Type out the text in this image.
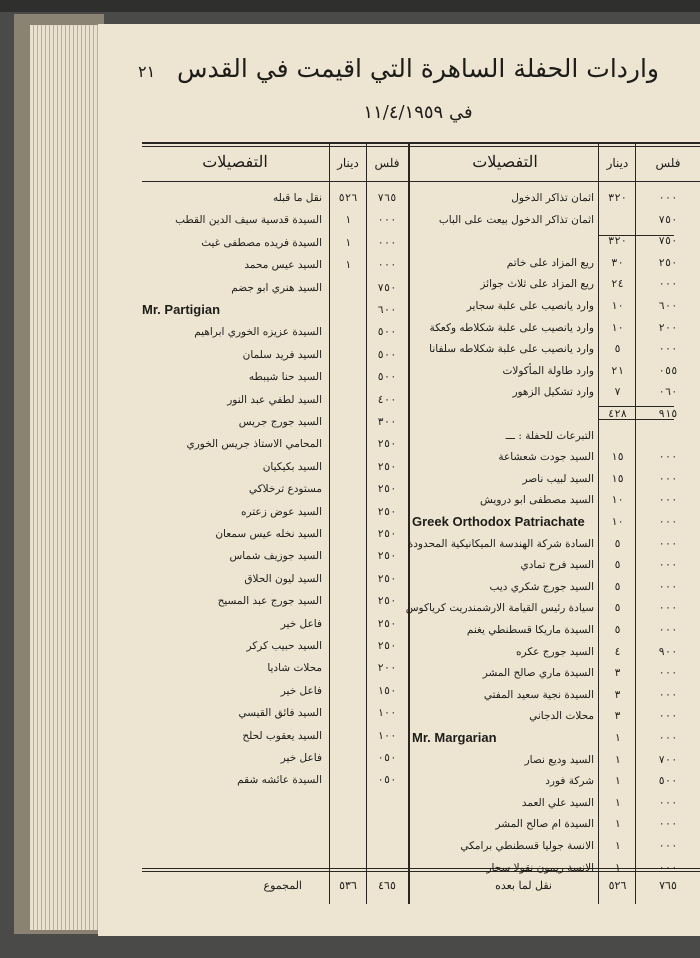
٢١ واردات الحفلة الساهرة التي اقيمت في القدس
في ١١/٤/١٩٥٩
فلس
دينار
التفصيلات
فلس
دينار
التفصيلات
٠٠٠
٣٢٠
اثمان تذاكر الدخول
٧٥٠
اثمان تذاكر الدخول بيعت على الباب
٧٥٠
٣٢٠
٢٥٠
٣٠
ريع المزاد على خاتم
٠٠٠
٢٤
ريع المزاد على ثلاث جوائز
٦٠٠
١٠
وارد يانصيب على علبة سجاير
٢٠٠
١٠
وارد يانصيب على علبة شكلاطه وكعكة
٠٠٠
٥
وارد يانصيب على علبة شكلاطه سلفانا
٠٥٥
٢١
وارد طاولة المأكولات
٠٦٠
٧
وارد تشكيل الزهور
٩١٥
٤٢٨
التبرعات للحفلة : ـــ
٠٠٠
١٥
السيد جودت شعشاعة
٠٠٠
١٥
السيد لبيب ناصر
٠٠٠
١٠
السيد مصطفى ابو درويش
٠٠٠
١٠
Greek Orthodox Patriachate
٠٠٠
٥
السادة شركة الهندسة الميكانيكية المحدودة
٠٠٠
٥
السيد فرح تمادي
٠٠٠
٥
السيد جورج شكري ديب
٠٠٠
٥
سيادة رئيس القيامة الارشمندريت كرياكوس
٠٠٠
٥
السيدة ماريكا قسطنطي يغنم
٩٠٠
٤
السيد جورج عكره
٠٠٠
٣
السيدة ماري صالح المشر
٠٠٠
٣
السيدة نجية سعيد المفتي
٠٠٠
٣
محلات الدجاني
٠٠٠
١
Mr. Margarian
٧٠٠
١
السيد وديع نصار
٥٠٠
١
شركة فورد
٠٠٠
١
السيد علي العمد
٠٠٠
١
السيدة ام صالح المشر
٠٠٠
١
الانسة جوليا قسطنطي برامكي
٠٠٠
١
الانسة ريمون نقولا سحار
٧٦٥
٥٢٦
نقل ما قبله
٠٠٠
١
السيدة قدسية سيف الدين القطب
٠٠٠
١
السيدة فريده مصطفى غيث
٠٠٠
١
السيد عيس محمد
٧٥٠
السيد هنري ابو جضم
٦٠٠
Mr. Partigian
٥٠٠
السيدة عزيزه الخوري ابراهيم
٥٠٠
السيد فريد سلمان
٥٠٠
السيد حنا شيبطه
٤٠٠
السيد لطفي عبد النور
٣٠٠
السيد جورج جريس
٢٥٠
المحامي الاستاذ جريس الخوري
٢٥٠
السيد بكيكيان
٢٥٠
مستودع ترخلاكي
٢٥٠
السيد عوض زعتره
٢٥٠
السيد نخله عيس سمعان
٢٥٠
السيد جوزيف شماس
٢٥٠
السيد ليون الحلاق
٢٥٠
السيد جورج عبد المسيح
٢٥٠
فاعل خير
٢٥٠
السيد حبيب كركر
٢٠٠
محلات شاديا
١٥٠
فاعل خير
١٠٠
السيد فائق القيسي
١٠٠
السيد يعقوب لحلح
٠٥٠
فاعل خير
٠٥٠
السيدة عائشه شقم
٧٦٥
٥٢٦
نقل لما بعده
٤٦٥
٥٣٦
المجموع
